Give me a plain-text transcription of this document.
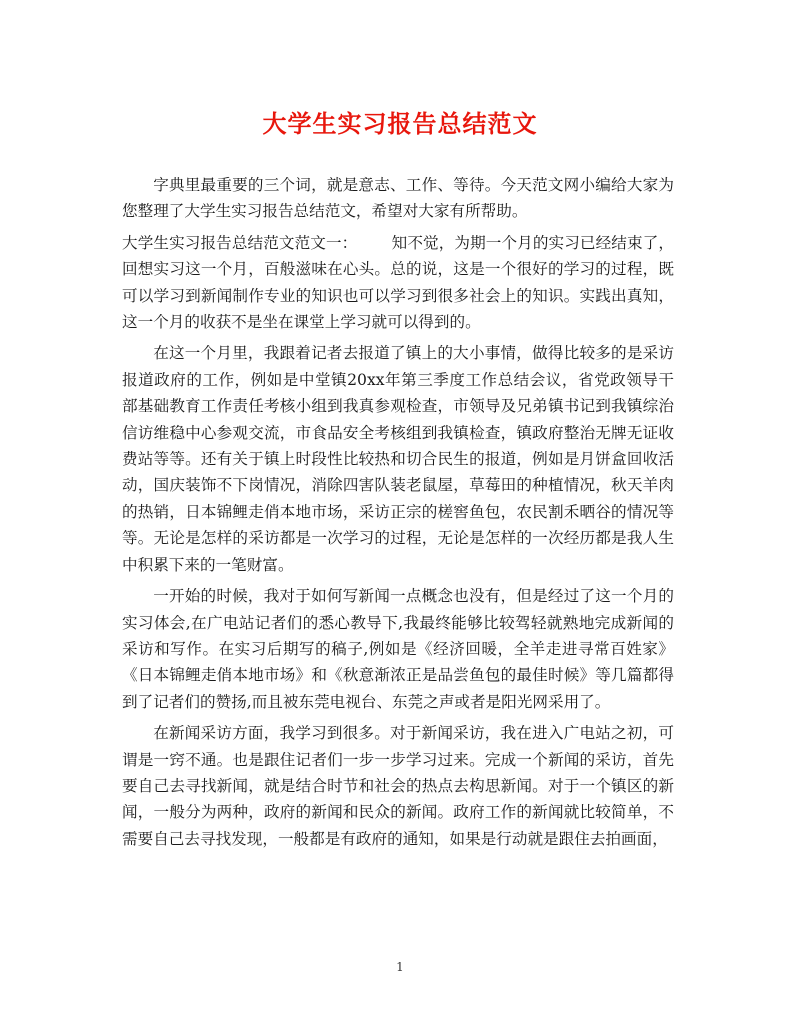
大学生实习报告总结范文

字典里最重要的三个词，就是意志、工作、等待。今天范文网小编给大家为您整理了大学生实习报告总结范文，希望对大家有所帮助。

大学生实习报告总结范文范文一： 知不觉，为期一个月的实习已经结束了，回想实习这一个月，百般滋味在心头。总的说，这是一个很好的学习的过程，既可以学习到新闻制作专业的知识也可以学习到很多社会上的知识。实践出真知，这一个月的收获不是坐在课堂上学习就可以得到的。

在这一个月里，我跟着记者去报道了镇上的大小事情，做得比较多的是采访报道政府的工作，例如是中堂镇20xx年第三季度工作总结会议，省党政领导干部基础教育工作责任考核小组到我真参观检查，市领导及兄弟镇书记到我镇综治信访维稳中心参观交流，市食品安全考核组到我镇检查，镇政府整治无牌无证收费站等等。还有关于镇上时段性比较热和切合民生的报道，例如是月饼盒回收活动，国庆装饰不下岗情况，消除四害队装老鼠屋，草莓田的种植情况，秋天羊肉的热销，日本锦鲤走俏本地市场，采访正宗的槎窖鱼包，农民割禾晒谷的情况等等。无论是怎样的采访都是一次学习的过程，无论是怎样的一次经历都是我人生中积累下来的一笔财富。

一开始的时候，我对于如何写新闻一点概念也没有，但是经过了这一个月的实习体会,在广电站记者们的悉心教导下,我最终能够比较驾轻就熟地完成新闻的采访和写作。在实习后期写的稿子,例如是《经济回暖，全羊走进寻常百姓家》《日本锦鲤走俏本地市场》和《秋意渐浓正是品尝鱼包的最佳时候》等几篇都得到了记者们的赞扬,而且被东莞电视台、东莞之声或者是阳光网采用了。

在新闻采访方面，我学习到很多。对于新闻采访，我在进入广电站之初，可谓是一窍不通。也是跟住记者们一步一步学习过来。完成一个新闻的采访，首先要自己去寻找新闻，就是结合时节和社会的热点去构思新闻。对于一个镇区的新闻，一般分为两种，政府的新闻和民众的新闻。政府工作的新闻就比较简单，不需要自己去寻找发现，一般都是有政府的通知，如果是行动就是跟住去拍画面，

1
